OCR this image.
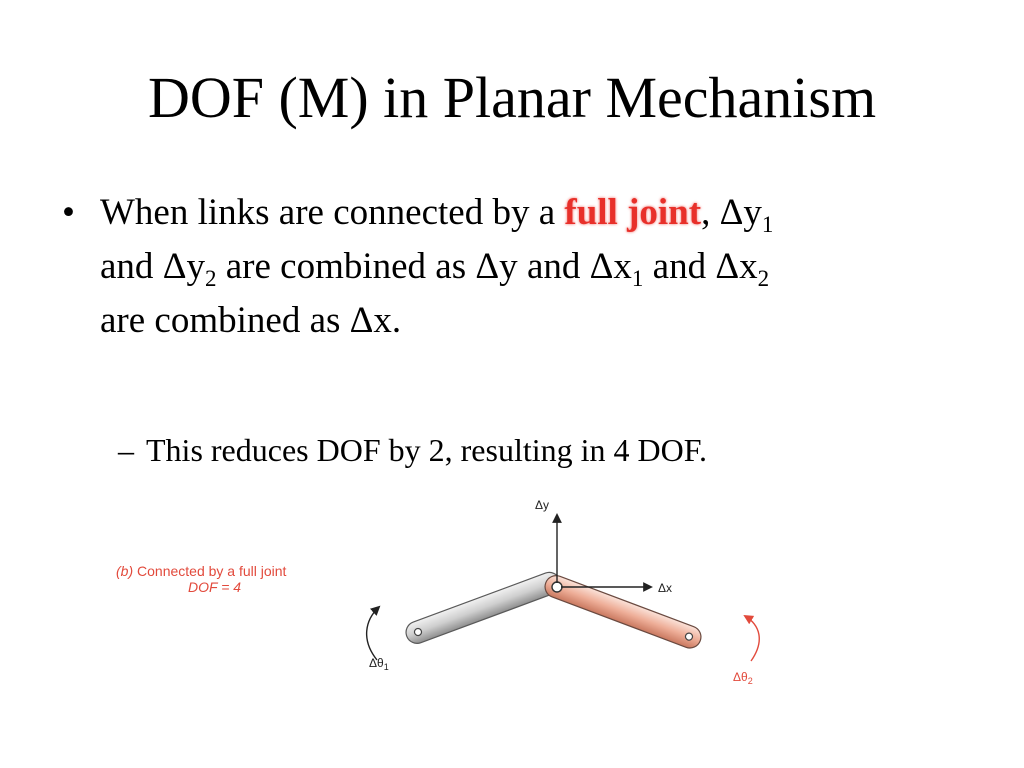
DOF (M) in Planar Mechanism
• When links are connected by a full joint, $\Delta y_1$
and $\Delta y_2$ are combined as Δy and $\Delta x_1$ and $\Delta x_2$
are combined as Δx.
– This reduces DOF by 2, resulting in 4 DOF.
(b) Connected by a full joint
DOF = 4
Δy
Δx
$\Delta\theta_1$
$\Delta\theta_2$
